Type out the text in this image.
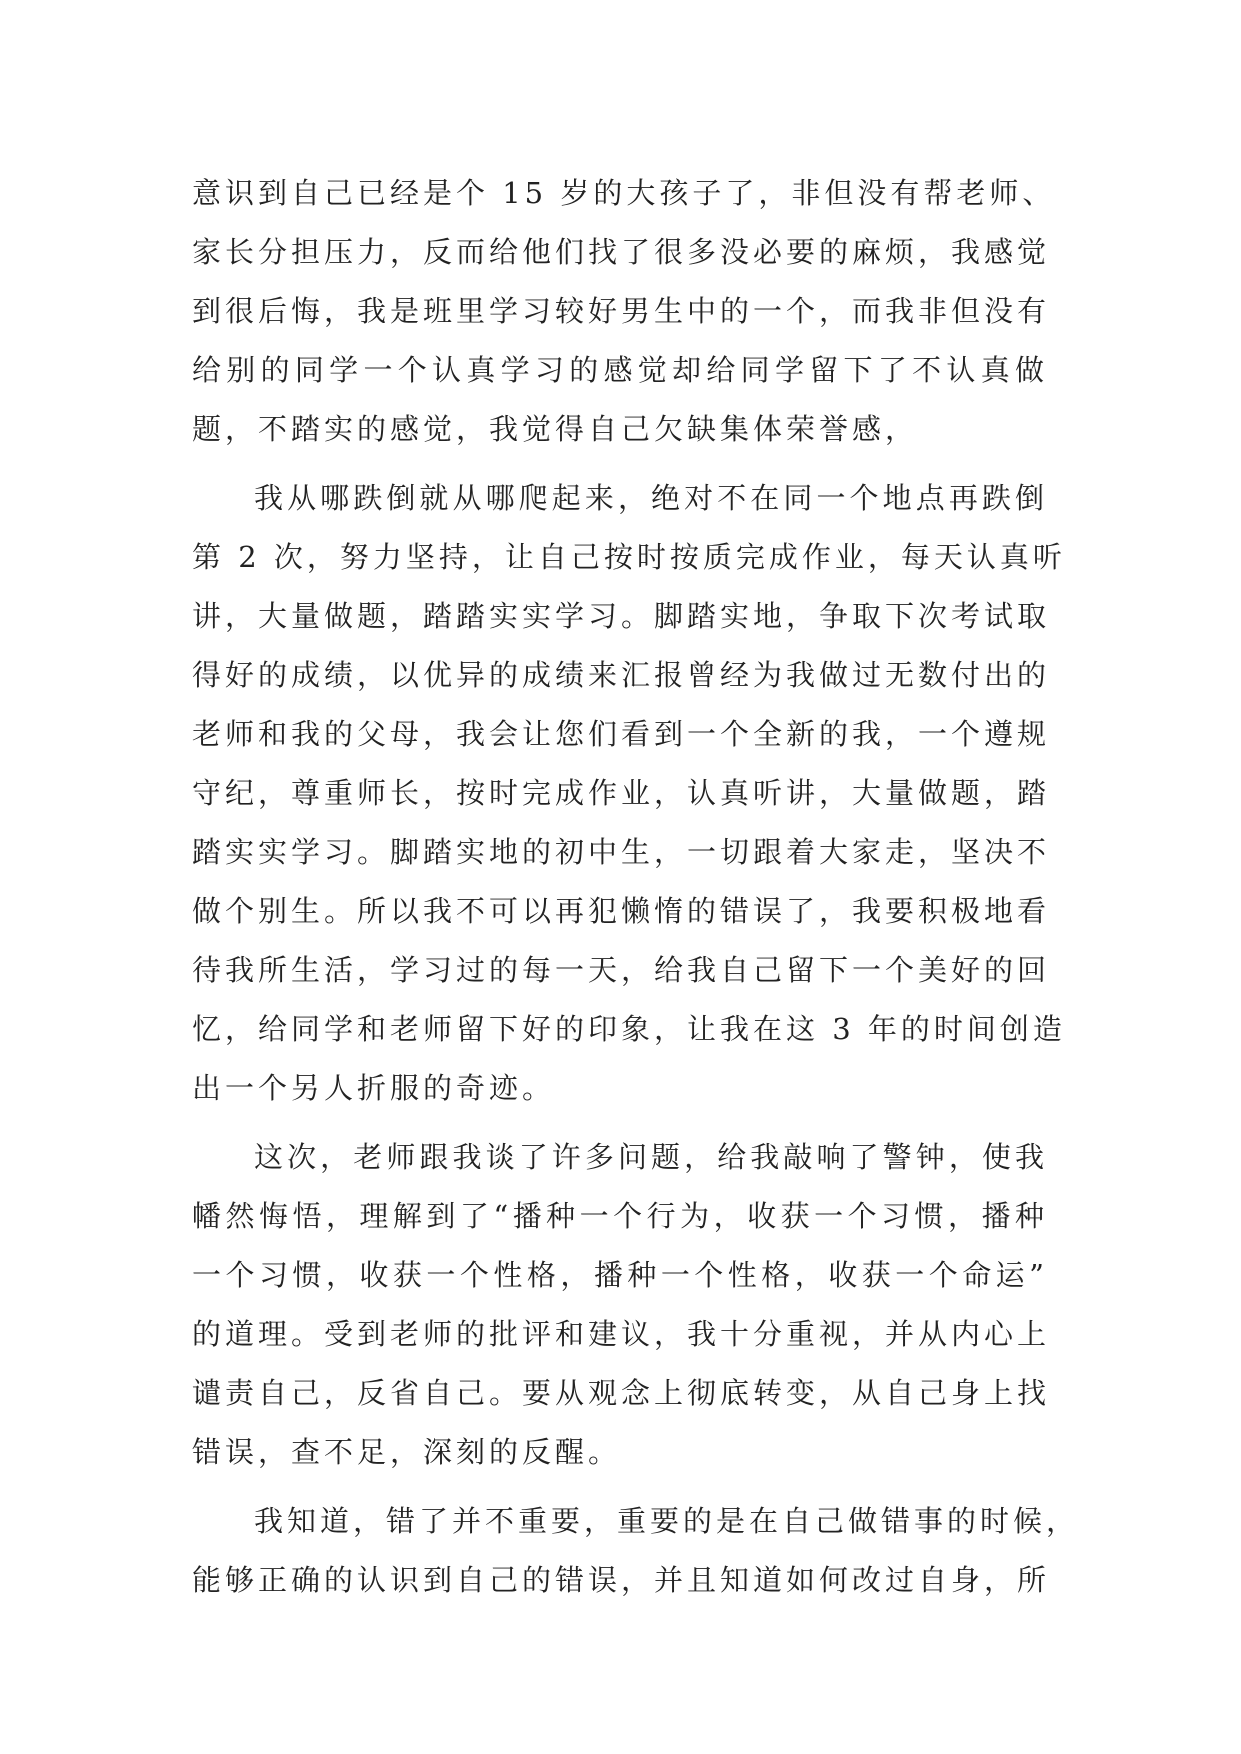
意识到自己已经是个 15 岁的大孩子了，非但没有帮老师、
家长分担压力，反而给他们找了很多没必要的麻烦，我感觉
到很后悔，我是班里学习较好男生中的一个，而我非但没有
给别的同学一个认真学习的感觉却给同学留下了不认真做
题，不踏实的感觉，我觉得自己欠缺集体荣誉感，
我从哪跌倒就从哪爬起来，绝对不在同一个地点再跌倒
第 2 次，努力坚持，让自己按时按质完成作业，每天认真听
讲，大量做题，踏踏实实学习。脚踏实地，争取下次考试取
得好的成绩，以优异的成绩来汇报曾经为我做过无数付出的
老师和我的父母，我会让您们看到一个全新的我，一个遵规
守纪，尊重师长，按时完成作业，认真听讲，大量做题，踏
踏实实学习。脚踏实地的初中生，一切跟着大家走，坚决不
做个别生。所以我不可以再犯懒惰的错误了，我要积极地看
待我所生活，学习过的每一天，给我自己留下一个美好的回
忆，给同学和老师留下好的印象，让我在这 3 年的时间创造
出一个另人折服的奇迹。
这次，老师跟我谈了许多问题，给我敲响了警钟，使我
幡然悔悟，理解到了“播种一个行为，收获一个习惯，播种
一个习惯，收获一个性格，播种一个性格，收获一个命运”
的道理。受到老师的批评和建议，我十分重视，并从内心上
谴责自己，反省自己。要从观念上彻底转变，从自己身上找
错误，查不足，深刻的反醒。
我知道，错了并不重要，重要的是在自己做错事的时候，
能够正确的认识到自己的错误，并且知道如何改过自身，所
